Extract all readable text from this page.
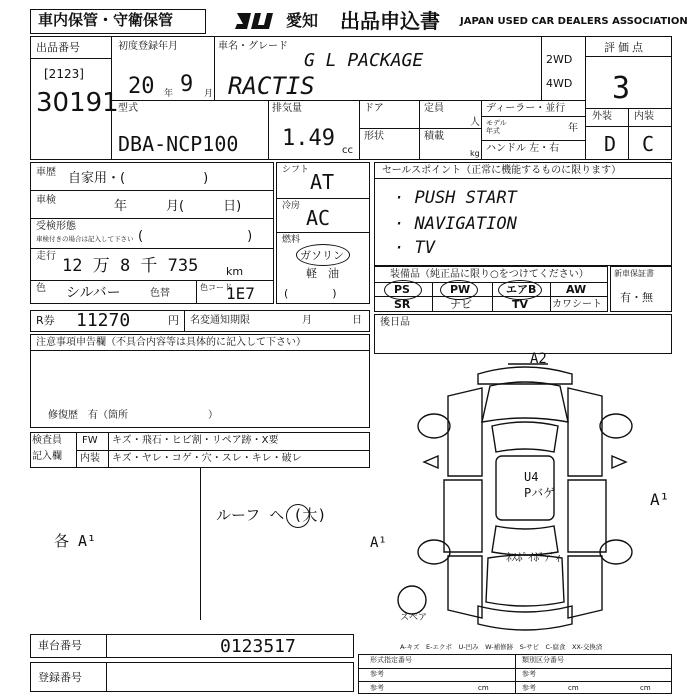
車内保管・守衛保管	愛知 出品申込書 JAPAN USED CAR DEALERS ASSOCIATION
出品番号
[2123]
30191
初度登録年月
20 年 9 月
車名・グレード
G L PACKAGE
RACTIS
2WD
4WD
評価点
3
外装 内装
D C
型式
DBA-NCP100
排気量
1.49 cc
ドア
形状
定員
人
積載
kg
ディーラー・並行
モデル
年式	年
ハンドル 左・右
車歴 自家用・(　　　　　　)
車検	年　　　月(　　　日)
受検形態
車検付きの場合は記入して下さい (　　　　　　　　)
走行 12 万 8 千 735	km
色 シルバー	色替
色コード
1E7
シフト AT
冷房 AC
燃料
ガソリン
軽　油
(　　　　)
セールスポイント（正常に機能するものに限ります）
· PUSH START
· NAVIGATION
· TV
装備品（純正品に限り○をつけてください）
PS	PW	エアB	AW
SR	ナビ	TV カワシート
新車保証書
有・無
R券 11270	円 名変通知期限	月	日
注意事項申告欄（不具合内容等は具体的に記入して下さい）
修復歴　有（箇所　　　　　　　　）
後日品
検査員
記入欄
FW キズ・飛石・ヒビ割・リペア跡・X要
内装 キズ・ヤレ・コゲ・穴・スレ・キレ・破レ
ルーフ ヘ (大)
各 A¹	A¹
A2
A¹
U4
Pバゲ
ﾈｽﾎﾟｲﾎﾞﾃﾞｨ
スペア
車台番号	0123517
登録番号
A-キズ　E-エクボ　U-凹み　W-補修跡　S-サビ　C-腐食　XX-交換済
形式指定番号	類別区分番号
参考
参考
参考
参考
cm	cm	cm
